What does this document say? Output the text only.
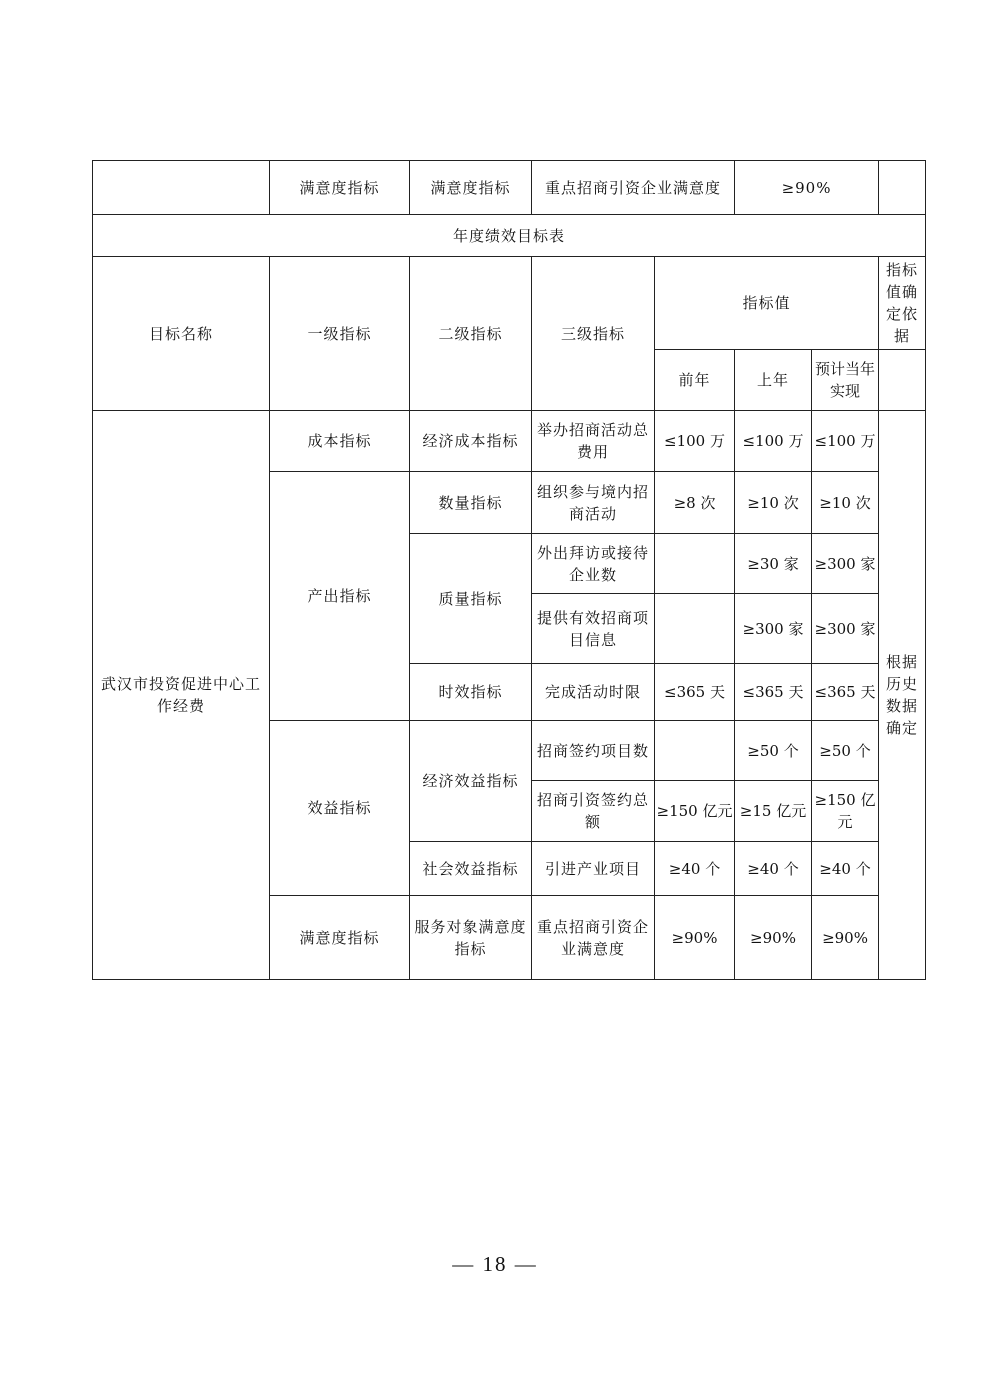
	满意度指标	满意度指标	重点招商引资企业满意度		≥90%		
年度绩效目标表							
目标名称	一级指标	二级指标	三级指标	指标值			指标值确定依据
				前年	上年	预计当年实现	
武汉市投资促进中心工作经费	成本指标	经济成本指标	举办招商活动总费用	≤100 万	≤100 万	≤100 万	根据历史数据确定
	产出指标	数量指标	组织参与境内招商活动	≥8 次	≥10 次	≥10 次	
		质量指标	外出拜访或接待企业数		≥30 家	≥300 家	
			提供有效招商项目信息		≥300 家	≥300 家	
		时效指标	完成活动时限	≤365 天	≤365 天	≤365 天	
	效益指标	经济效益指标	招商签约项目数		≥50 个	≥50 个	
			招商引资签约总额	≥150 亿元	≥15 亿元	≥150 亿元	
		社会效益指标	引进产业项目	≥40 个	≥40 个	≥40 个	
	满意度指标	服务对象满意度指标	重点招商引资企业满意度	≥90%	≥90%	≥90%	
— 18 —
